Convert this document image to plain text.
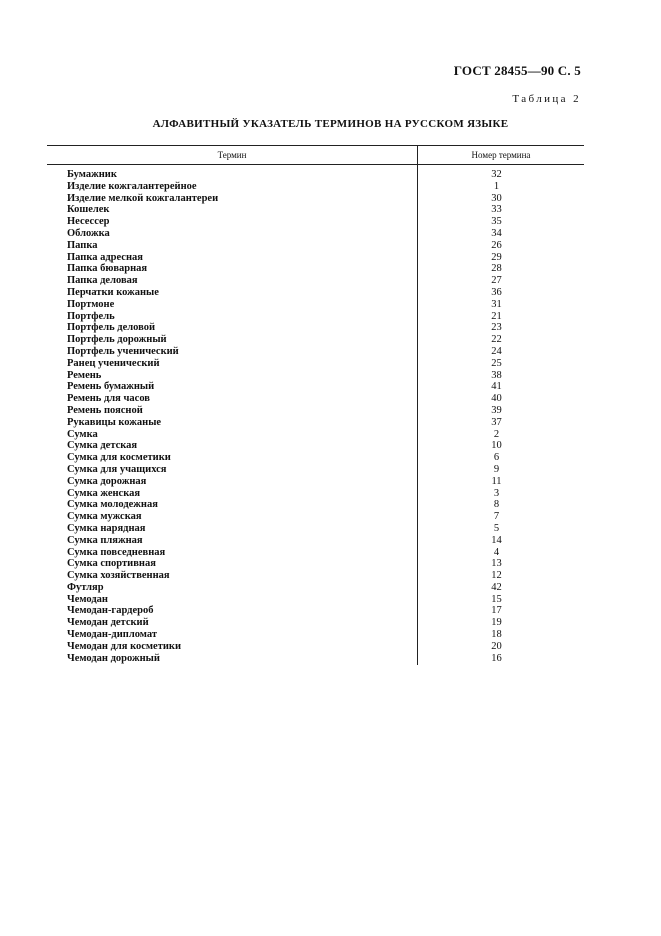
ГОСТ 28455—90 С. 5
Таблица 2
АЛФАВИТНЫЙ УКАЗАТЕЛЬ ТЕРМИНОВ НА РУССКОМ ЯЗЫКЕ
Термин	Номер термина
Бумажник	32
Изделие кожгалантерейное	1
Изделие мелкой кожгалантереи	30
Кошелек	33
Несессер	35
Обложка	34
Папка	26
Папка адресная	29
Папка бюварная	28
Папка деловая	27
Перчатки кожаные	36
Портмоне	31
Портфель	21
Портфель деловой	23
Портфель дорожный	22
Портфель ученический	24
Ранец ученический	25
Ремень	38
Ремень бумажный	41
Ремень для часов	40
Ремень поясной	39
Рукавицы кожаные	37
Сумка	2
Сумка детская	10
Сумка для косметики	6
Сумка для учащихся	9
Сумка дорожная	11
Сумка женская	3
Сумка молодежная	8
Сумка мужская	7
Сумка нарядная	5
Сумка пляжная	14
Сумка повседневная	4
Сумка спортивная	13
Сумка хозяйственная	12
Футляр	42
Чемодан	15
Чемодан-гардероб	17
Чемодан детский	19
Чемодан-дипломат	18
Чемодан для косметики	20
Чемодан дорожный	16
